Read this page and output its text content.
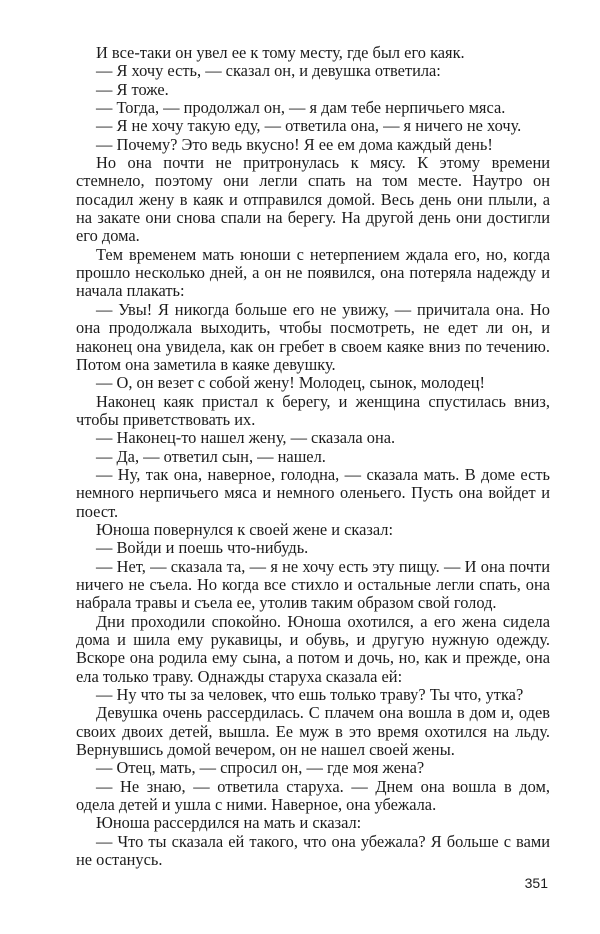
И все-таки он увел ее к тому месту, где был его каяк.

— Я хочу есть, — сказал он, и девушка ответила:

— Я тоже.

— Тогда, — продолжал он, — я дам тебе нерпичьего мяса.

— Я не хочу такую еду, — ответила она, — я ничего не хочу.

— Почему? Это ведь вкусно! Я ее ем дома каждый день!

Но она почти не притронулась к мясу. К этому времени стемнело, поэтому они легли спать на том месте. Наутро он посадил жену в каяк и отправился домой. Весь день они плыли, а на закате они снова спали на берегу. На другой день они достигли его дома.

Тем временем мать юноши с нетерпением ждала его, но, когда прошло несколько дней, а он не появился, она потеряла надежду и начала плакать:

— Увы! Я никогда больше его не увижу, — причитала она. Но она продолжала выходить, чтобы посмотреть, не едет ли он, и наконец она увидела, как он гребет в своем каяке вниз по течению. Потом она заметила в каяке девушку.

— О, он везет с собой жену! Молодец, сынок, молодец!

Наконец каяк пристал к берегу, и женщина спустилась вниз, чтобы приветствовать их.

— Наконец-то нашел жену, — сказала она.

— Да, — ответил сын, — нашел.

— Ну, так она, наверное, голодна, — сказала мать. В доме есть немного нерпичьего мяса и немного оленьего. Пусть она войдет и поест.

Юноша повернулся к своей жене и сказал:

— Войди и поешь что-нибудь.

— Нет, — сказала та, — я не хочу есть эту пищу. — И она почти ничего не съела. Но когда все стихло и остальные легли спать, она набрала травы и съела ее, утолив таким образом свой голод.

Дни проходили спокойно. Юноша охотился, а его жена сидела дома и шила ему рукавицы, и обувь, и другую нужную одежду. Вскоре она родила ему сына, а потом и дочь, но, как и прежде, она ела только траву. Однажды старуха сказала ей:

— Ну что ты за человек, что ешь только траву? Ты что, утка?

Девушка очень рассердилась. С плачем она вошла в дом и, одев своих двоих детей, вышла. Ее муж в это время охотился на льду. Вернувшись домой вечером, он не нашел своей жены.

— Отец, мать, — спросил он, — где моя жена?

— Не знаю, — ответила старуха. — Днем она вошла в дом, одела детей и ушла с ними. Наверное, она убежала.

Юноша рассердился на мать и сказал:

— Что ты сказала ей такого, что она убежала? Я больше с вами не останусь.

351
